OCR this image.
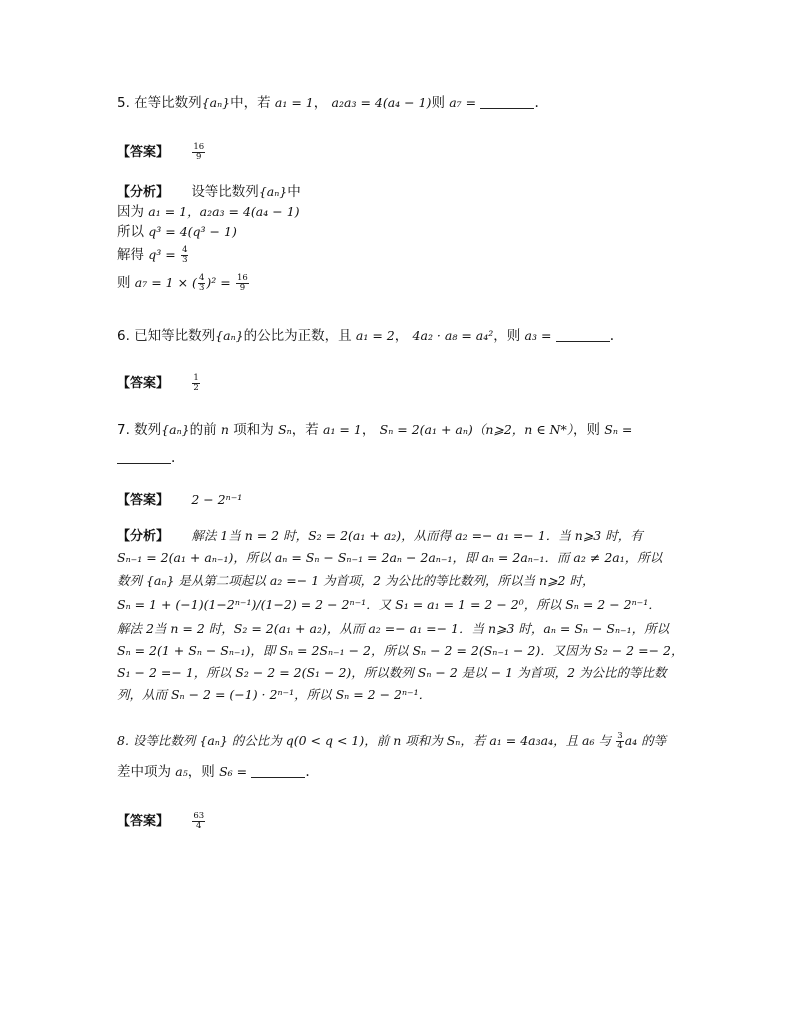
5. 在等比数列{aₙ}中，若 a₁ = 1， a₂a₃ = 4(a₄ − 1)则 a₇ =	.
【答案】	$\frac{16}{9}$
【分析】 设等比数列{aₙ}中
因为 a₁ = 1，a₂a₃ = 4(a₄ − 1)
所以 q³ = 4(q³ − 1)
解得 $q^3 = \frac{4}{3}$
则 a₇ = 1 × ( $\frac{4}{3} )^2 = \frac{16}{9}$
6. 已知等比数列{aₙ}的公比为正数，且 a₁ = 2， 4a₂ · a₈ = a₄²，则 a₃ =	.
【答案】	$\frac{1}{2}$
7. 数列{aₙ}的前 n 项和为 Sₙ，若 a₁ = 1， Sₙ = 2(a₁ + aₙ)（n⩾2，n ∈ N*），则 Sₙ =
.
【答案】 2 − 2ⁿ⁻¹
【分析】 解法 1当 n = 2 时，S₂ = 2(a₁ + a₂)，从而得 a₂ =− a₁ =− 1．当 n⩾3 时，有
Sₙ₋₁ = 2(a₁ + aₙ₋₁)，所以 aₙ = Sₙ − Sₙ₋₁ = 2aₙ − 2aₙ₋₁，即 aₙ = 2aₙ₋₁．而 a₂ ≠ 2a₁，所以
数列 {aₙ} 是从第二项起以 a₂ =− 1 为首项，2 为公比的等比数列，所以当 n⩾2 时，
Sₙ = 1 + (−1)(1−2ⁿ⁻¹)/(1−2) = 2 − 2ⁿ⁻¹．又 S₁ = a₁ = 1 = 2 − 2⁰，所以 Sₙ = 2 − 2ⁿ⁻¹．
解法 2当 n = 2 时，S₂ = 2(a₁ + a₂)，从而 a₂ =− a₁ =− 1．当 n⩾3 时，aₙ = Sₙ − Sₙ₋₁，所以
Sₙ = 2(1 + Sₙ − Sₙ₋₁)，即 Sₙ = 2Sₙ₋₁ − 2，所以 Sₙ − 2 = 2(Sₙ₋₁ − 2)．又因为 S₂ − 2 =− 2，
S₁ − 2 =− 1，所以 S₂ − 2 = 2(S₁ − 2)，所以数列 Sₙ − 2 是以 − 1 为首项，2 为公比的等比数
列，从而 Sₙ − 2 = (−1) · 2ⁿ⁻¹，所以 Sₙ = 2 − 2ⁿ⁻¹．
8. 设等比数列 {aₙ} 的公比为 q(0 < q < 1)，前 n 项和为 Sₙ，若 a₁ = 4a₃a₄，且 a₆ 与 $\frac{3}{4} a_4$ 的等
差中项为 a₅，则 S₆ =	.
【答案】	$\frac{63}{4}$
